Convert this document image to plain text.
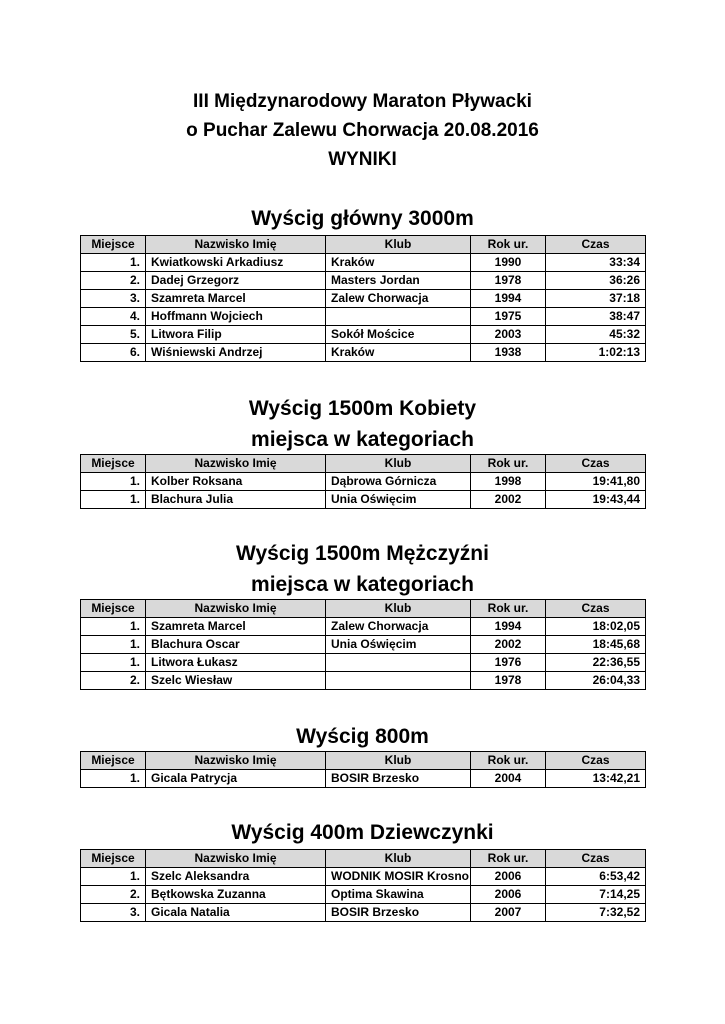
III Międzynarodowy Maraton Pływacki
o Puchar Zalewu Chorwacja 20.08.2016
WYNIKI
Wyścig główny 3000m
Miejsce	Nazwisko Imię	Klub	Rok ur.	Czas
1.	Kwiatkowski Arkadiusz	Kraków	1990	33:34
2.	Dadej Grzegorz	Masters Jordan	1978	36:26
3.	Szamreta Marcel	Zalew Chorwacja	1994	37:18
4.	Hoffmann Wojciech		1975	38:47
5.	Litwora Filip	Sokół Mościce	2003	45:32
6.	Wiśniewski Andrzej	Kraków	1938	1:02:13
Wyścig 1500m Kobiety
miejsca w kategoriach
Miejsce	Nazwisko Imię	Klub	Rok ur.	Czas
1.	Kolber Roksana	Dąbrowa Górnicza	1998	19:41,80
1.	Blachura Julia	Unia Oświęcim	2002	19:43,44
Wyścig 1500m Mężczyźni
miejsca w kategoriach
Miejsce	Nazwisko Imię	Klub	Rok ur.	Czas
1.	Szamreta Marcel	Zalew Chorwacja	1994	18:02,05
1.	Blachura Oscar	Unia Oświęcim	2002	18:45,68
1.	Litwora Łukasz		1976	22:36,55
2.	Szelc Wiesław		1978	26:04,33
Wyścig 800m
Miejsce	Nazwisko Imię	Klub	Rok ur.	Czas
1.	Gicala Patrycja	BOSIR Brzesko	2004	13:42,21
Wyścig 400m Dziewczynki
Miejsce	Nazwisko Imię	Klub	Rok ur.	Czas
1.	Szelc Aleksandra	WODNIK MOSIR Krosno	2006	6:53,42
2.	Bętkowska Zuzanna	Optima Skawina	2006	7:14,25
3.	Gicala Natalia	BOSIR Brzesko	2007	7:32,52
